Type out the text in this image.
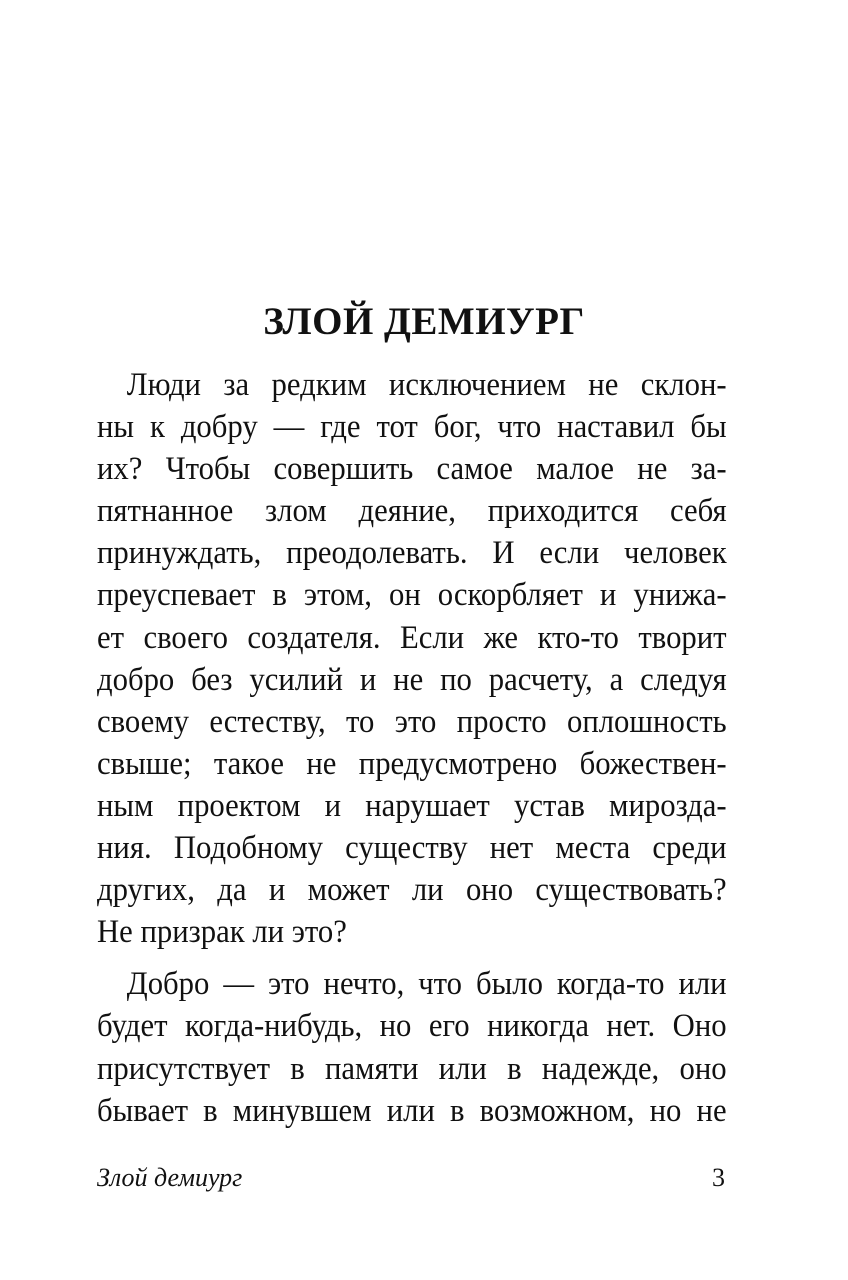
ЗЛОЙ ДЕМИУРГ
Люди за редким исключением не склон-
ны к добру — где тот бог, что наставил бы
их? Чтобы совершить самое малое не за-
пятнанное злом деяние, приходится себя
принуждать, преодолевать. И если человек
преуспевает в этом, он оскорбляет и унижа-
ет своего создателя. Если же кто-то творит
добро без усилий и не по расчету, а следуя
своему естеству, то это просто оплошность
свыше; такое не предусмотрено божествен-
ным проектом и нарушает устав мирозда-
ния. Подобному существу нет места среди
других, да и может ли оно существовать?
Не призрак ли это?
Добро — это нечто, что было когда-то или
будет когда-нибудь, но его никогда нет. Оно
присутствует в памяти или в надежде, оно
бывает в минувшем или в возможном, но не
Злой демиург	3
